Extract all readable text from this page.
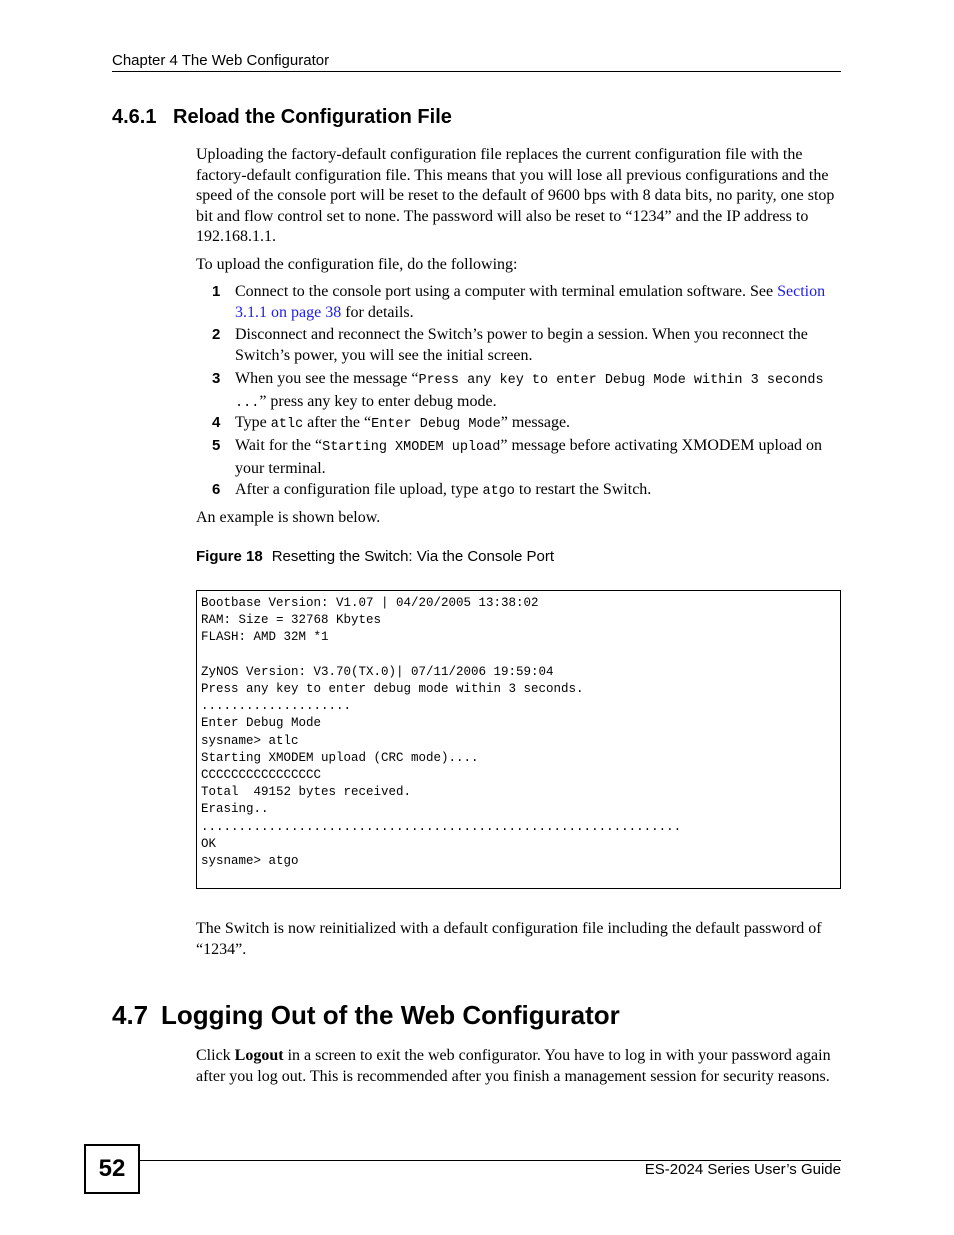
Chapter 4 The Web Configurator
4.6.1 Reload the Configuration File
Uploading the factory-default configuration file replaces the current configuration file with the factory-default configuration file. This means that you will lose all previous configurations and the speed of the console port will be reset to the default of 9600 bps with 8 data bits, no parity, one stop bit and flow control set to none. The password will also be reset to “1234” and the IP address to 192.168.1.1.
To upload the configuration file, do the following:
1 Connect to the console port using a computer with terminal emulation software. See Section 3.1.1 on page 38 for details.
2 Disconnect and reconnect the Switch’s power to begin a session. When you reconnect the Switch’s power, you will see the initial screen.
3 When you see the message “Press any key to enter Debug Mode within 3 seconds ...” press any key to enter debug mode.
4 Type atlc after the “Enter Debug Mode” message.
5 Wait for the “Starting XMODEM upload” message before activating XMODEM upload on your terminal.
6 After a configuration file upload, type atgo to restart the Switch.
An example is shown below.
Figure 18 Resetting the Switch: Via the Console Port
Bootbase Version: V1.07 | 04/20/2005 13:38:02
RAM: Size = 32768 Kbytes
FLASH: AMD 32M *1

ZyNOS Version: V3.70(TX.0)| 07/11/2006 19:59:04
Press any key to enter debug mode within 3 seconds.
....................
Enter Debug Mode
sysname> atlc
Starting XMODEM upload (CRC mode)....
CCCCCCCCCCCCCCCC
Total  49152 bytes received.
Erasing..
................................................................
OK
sysname> atgo
The Switch is now reinitialized with a default configuration file including the default password of “1234”.
4.7 Logging Out of the Web Configurator
Click Logout in a screen to exit the web configurator. You have to log in with your password again after you log out. This is recommended after you finish a management session for security reasons.
52	ES-2024 Series User’s Guide
